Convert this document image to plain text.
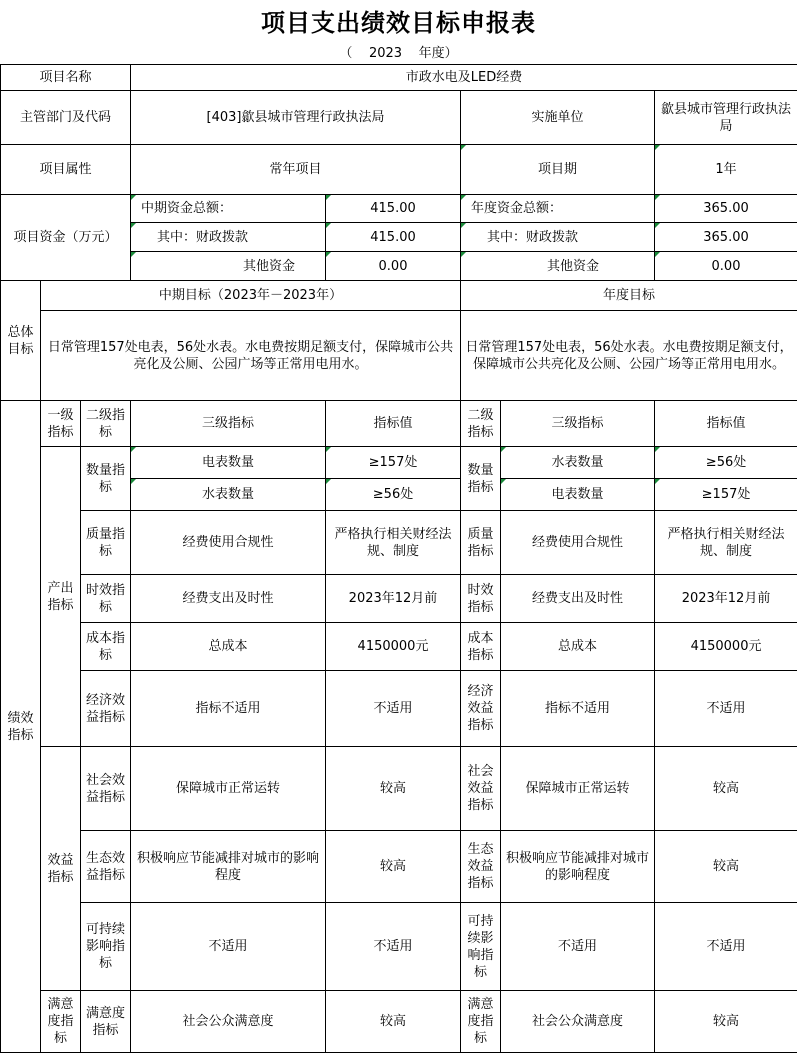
项目支出绩效目标申报表
（    2023    年度）
项目名称			市政水电及LED经费				
主管部门及代码			[403]歙县城市管理行政执法局		实施单位		歙县城市管理行政执法局
项目属性			常年项目		项目期		1年
项目资金（万元）			中期资金总额：	415.00	年度资金总额：		365.00
			其中：财政拨款	415.00	其中：财政拨款		365.00
			其他资金	0.00	其他资金		0.00
总体目标	中期目标（2023年－2023年）				年度目标		
	日常管理157处电表，56处水表。水电费按期足额支付，保障城市公共亮化及公厕、公园广场等正常用电用水。				日常管理157处电表，56处水表。水电费按期足额支付，保障城市公共亮化及公厕、公园广场等正常用电用水。		
绩效指标	一级指标	二级指标	三级指标	指标值	二级指标	三级指标	指标值
	产出指标	数量指标	电表数量	≥157处	数量指标	水表数量	≥56处
			水表数量	≥56处		电表数量	≥157处
		质量指标	经费使用合规性	严格执行相关财经法规、制度	质量指标	经费使用合规性	严格执行相关财经法规、制度
		时效指标	经费支出及时性	2023年12月前	时效指标	经费支出及时性	2023年12月前
		成本指标	总成本	4150000元	成本指标	总成本	4150000元
		经济效益指标	指标不适用	不适用	经济效益指标	指标不适用	不适用
	效益指标	社会效益指标	保障城市正常运转	较高	社会效益指标	保障城市正常运转	较高
		生态效益指标	积极响应节能减排对城市的影响程度	较高	生态效益指标	积极响应节能减排对城市的影响程度	较高
		可持续影响指标	不适用	不适用	可持续影响指标	不适用	不适用
	满意度指标	满意度指标	社会公众满意度	较高	满意度指标	社会公众满意度	较高
